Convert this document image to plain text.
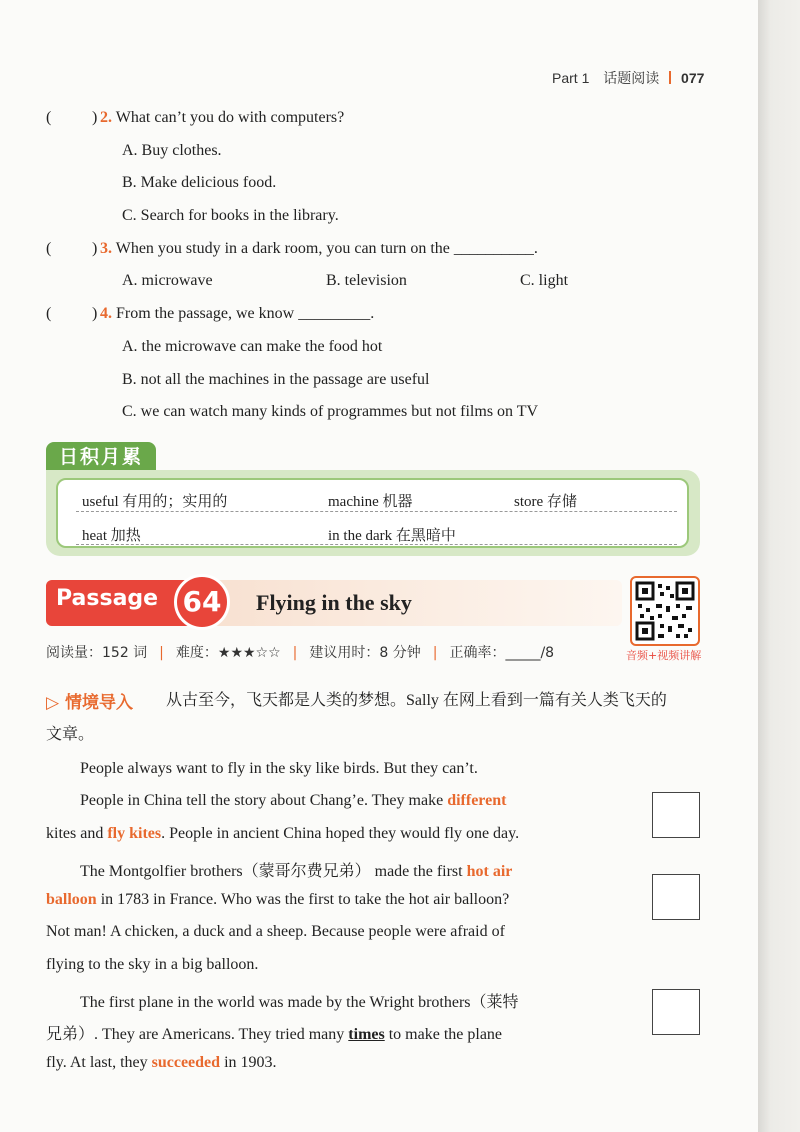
Part 1 话题阅读 077
(	) 2. What can’t you do with computers?
A. Buy clothes.
B. Make delicious food.
C. Search for books in the library.
(	) 3. When you study in a dark room, you can turn on the __________.
A. microwave	B. television	C. light
(	) 4. From the passage, we know _________.
A. the microwave can make the food hot
B. not all the machines in the passage are useful
C. we can watch many kinds of programmes but not films on TV
日积月累
useful 有用的；实用的	machine 机器	store 存储
heat 加热	in the dark 在黑暗中
Passage 64	Flying in the sky
音频+视频讲解
阅读量：152 词 | 难度：★★★☆☆ | 建议用时：8 分钟 | 正确率：_____/8
▷ 情境导入 从古至今，飞天都是人类的梦想。Sally 在网上看到一篇有关人类飞天的
文章。
People always want to fly in the sky like birds. But they can’t.
People in China tell the story about Chang’e. They make different
kites and fly kites. People in ancient China hoped they would fly one day.
The Montgolfier brothers（蒙哥尔费兄弟） made the first hot air
balloon in 1783 in France. Who was the first to take the hot air balloon?
Not man! A chicken, a duck and a sheep. Because people were afraid of
flying to the sky in a big balloon.
The first plane in the world was made by the Wright brothers（莱特
兄弟）. They are Americans. They tried many times to make the plane
fly. At last, they succeeded in 1903.
